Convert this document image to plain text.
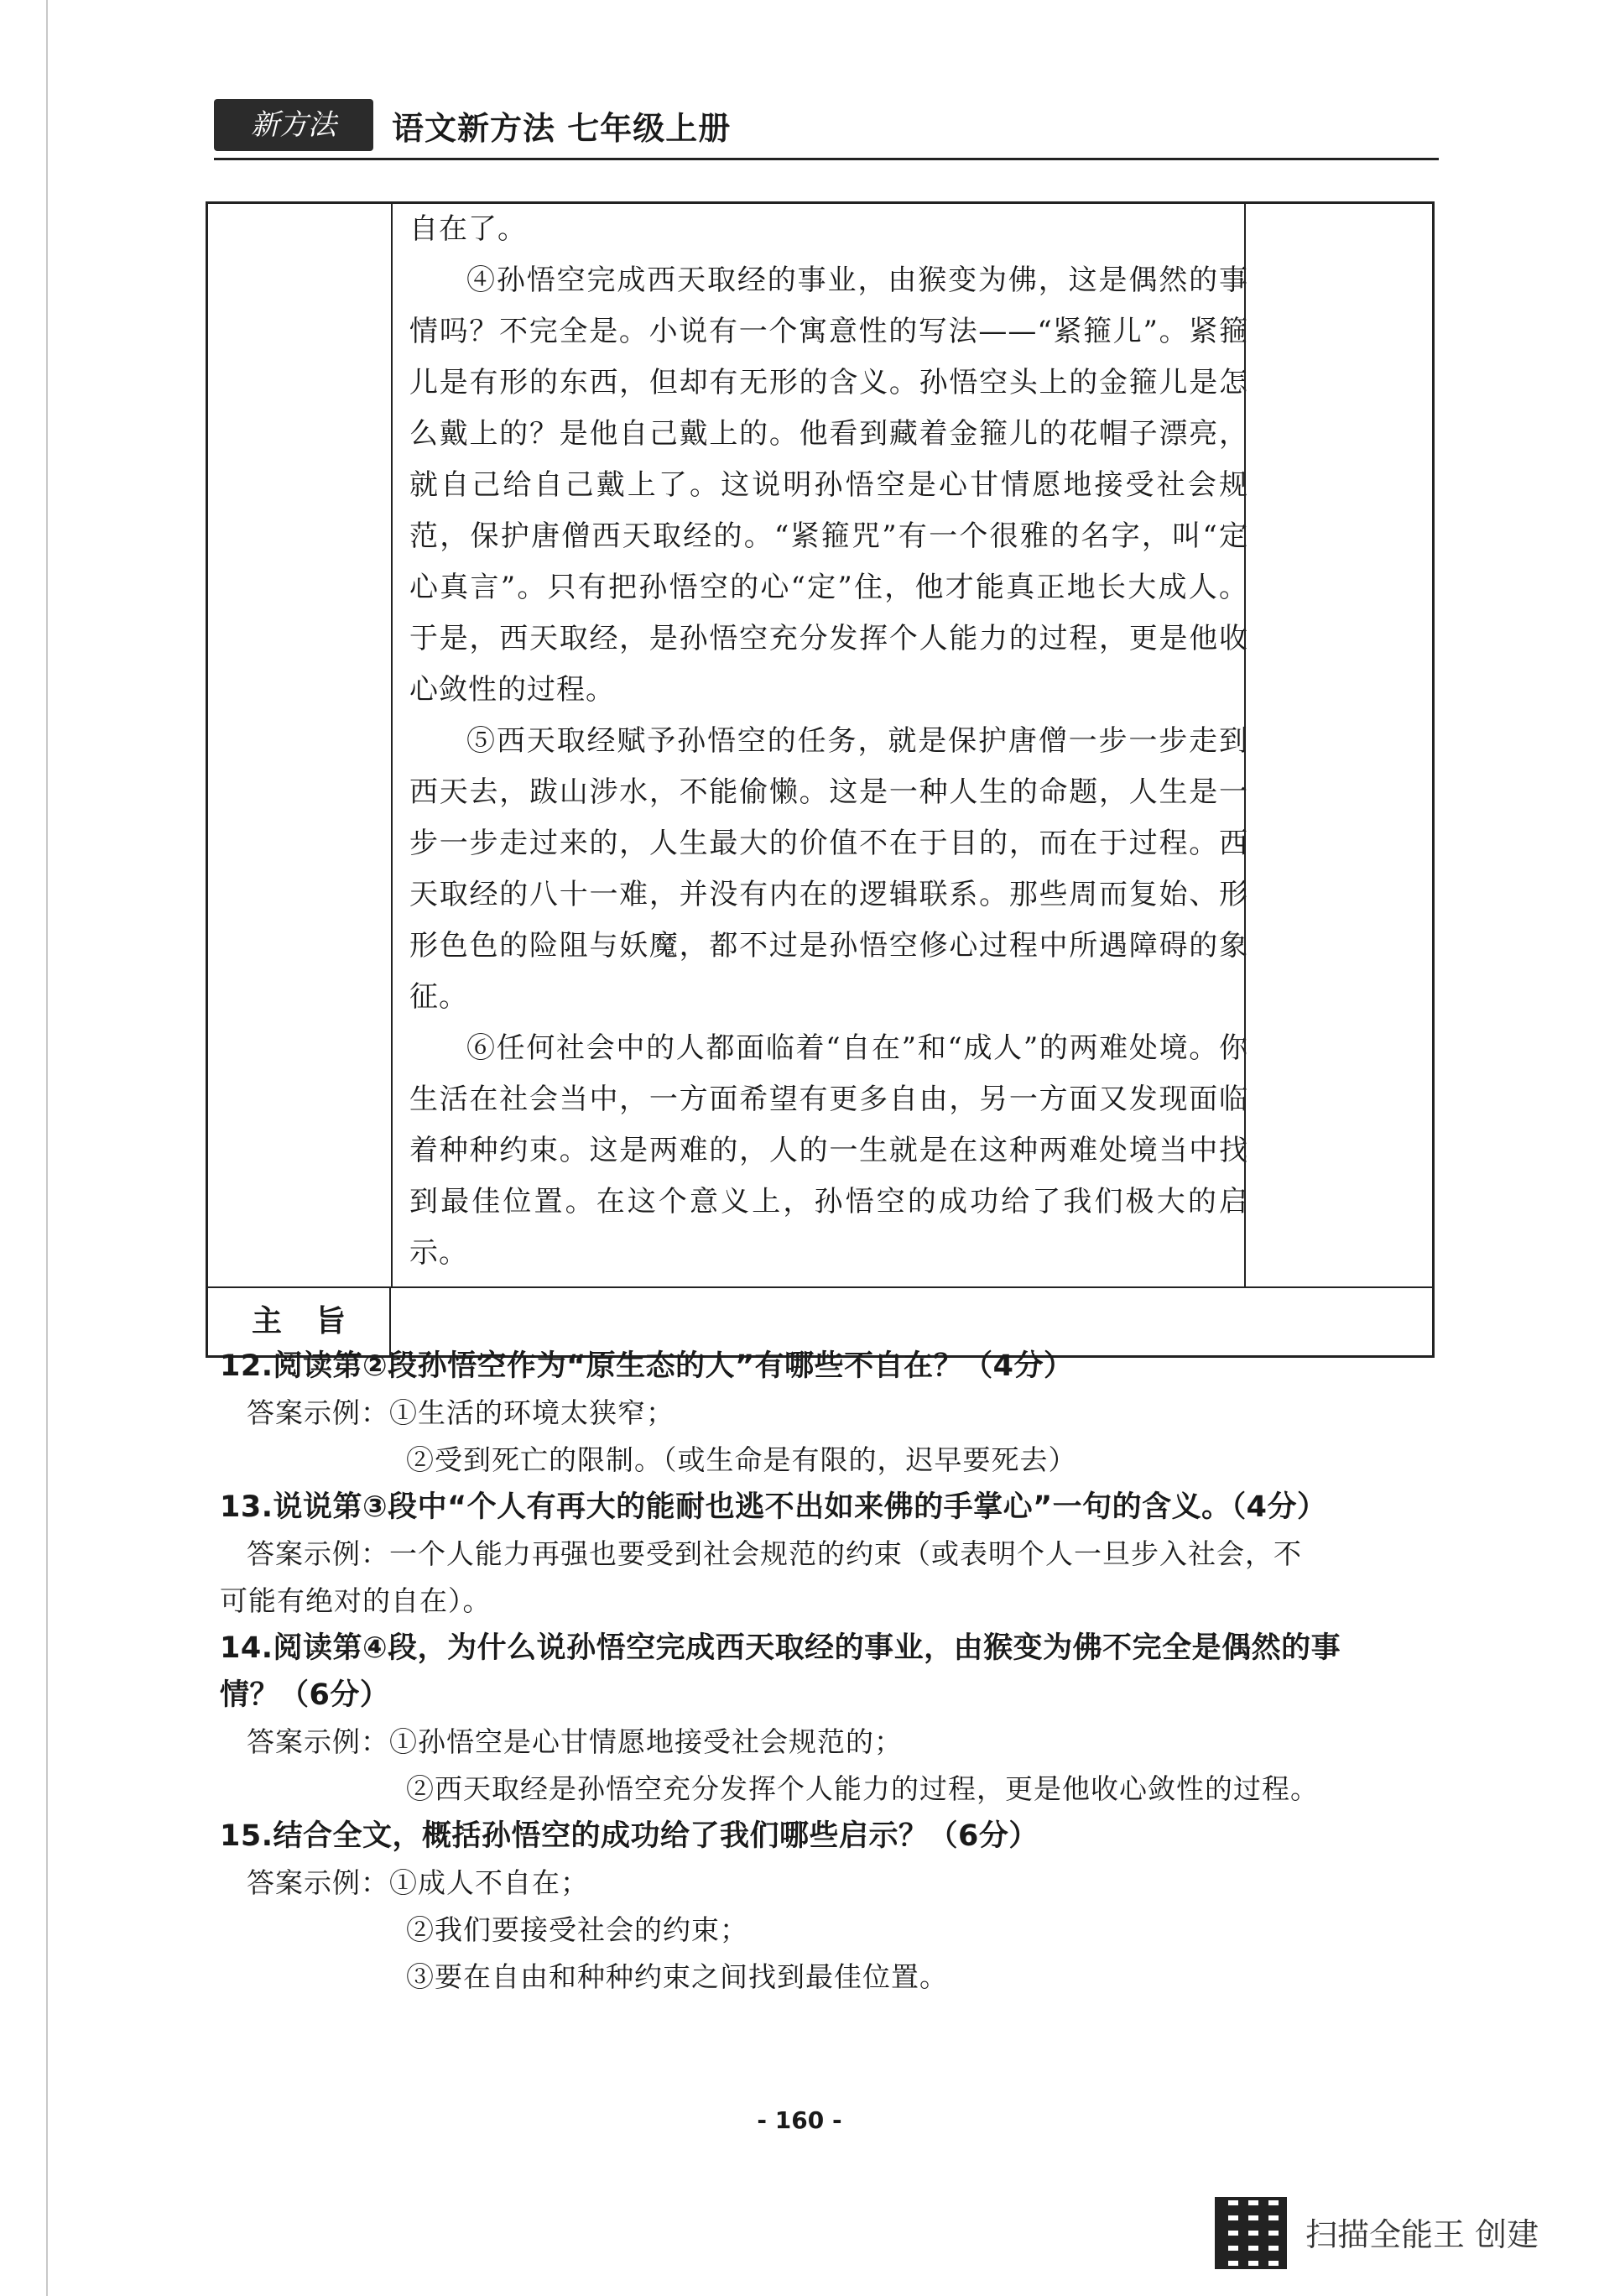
新方法	语文新方法 七年级上册

自在了。

④孙悟空完成西天取经的事业，由猴变为佛，这是偶然的事情吗？不完全是。小说有一个寓意性的写法——“紧箍儿”。紧箍儿是有形的东西，但却有无形的含义。孙悟空头上的金箍儿是怎么戴上的？是他自己戴上的。他看到藏着金箍儿的花帽子漂亮，就自己给自己戴上了。这说明孙悟空是心甘情愿地接受社会规范，保护唐僧西天取经的。“紧箍咒”有一个很雅的名字，叫“定心真言”。只有把孙悟空的心“定”住，他才能真正地长大成人。于是，西天取经，是孙悟空充分发挥个人能力的过程，更是他收心敛性的过程。

⑤西天取经赋予孙悟空的任务，就是保护唐僧一步一步走到西天去，跋山涉水，不能偷懒。这是一种人生的命题，人生是一步一步走过来的，人生最大的价值不在于目的，而在于过程。西天取经的八十一难，并没有内在的逻辑联系。那些周而复始、形形色色的险阻与妖魔，都不过是孙悟空修心过程中所遇障碍的象征。

⑥任何社会中的人都面临着“自在”和“成人”的两难处境。你生活在社会当中，一方面希望有更多自由，另一方面又发现面临着种种约束。这是两难的，人的一生就是在这种两难处境当中找到最佳位置。在这个意义上，孙悟空的成功给了我们极大的启示。

主旨

12.阅读第②段孙悟空作为“原生态的人”有哪些不自在？（4分）

答案示例：①生活的环境太狭窄；

②受到死亡的限制。（或生命是有限的，迟早要死去）

13.说说第③段中“个人有再大的能耐也逃不出如来佛的手掌心”一句的含义。（4分）

答案示例：一个人能力再强也要受到社会规范的约束（或表明个人一旦步入社会，不

可能有绝对的自在）。

14.阅读第④段，为什么说孙悟空完成西天取经的事业，由猴变为佛不完全是偶然的事

情？（6分）

答案示例：①孙悟空是心甘情愿地接受社会规范的；

②西天取经是孙悟空充分发挥个人能力的过程，更是他收心敛性的过程。

15.结合全文，概括孙悟空的成功给了我们哪些启示？（6分）

答案示例：①成人不自在；

②我们要接受社会的约束；

③要在自由和种种约束之间找到最佳位置。

- 160 -
扫描全能王 创建
